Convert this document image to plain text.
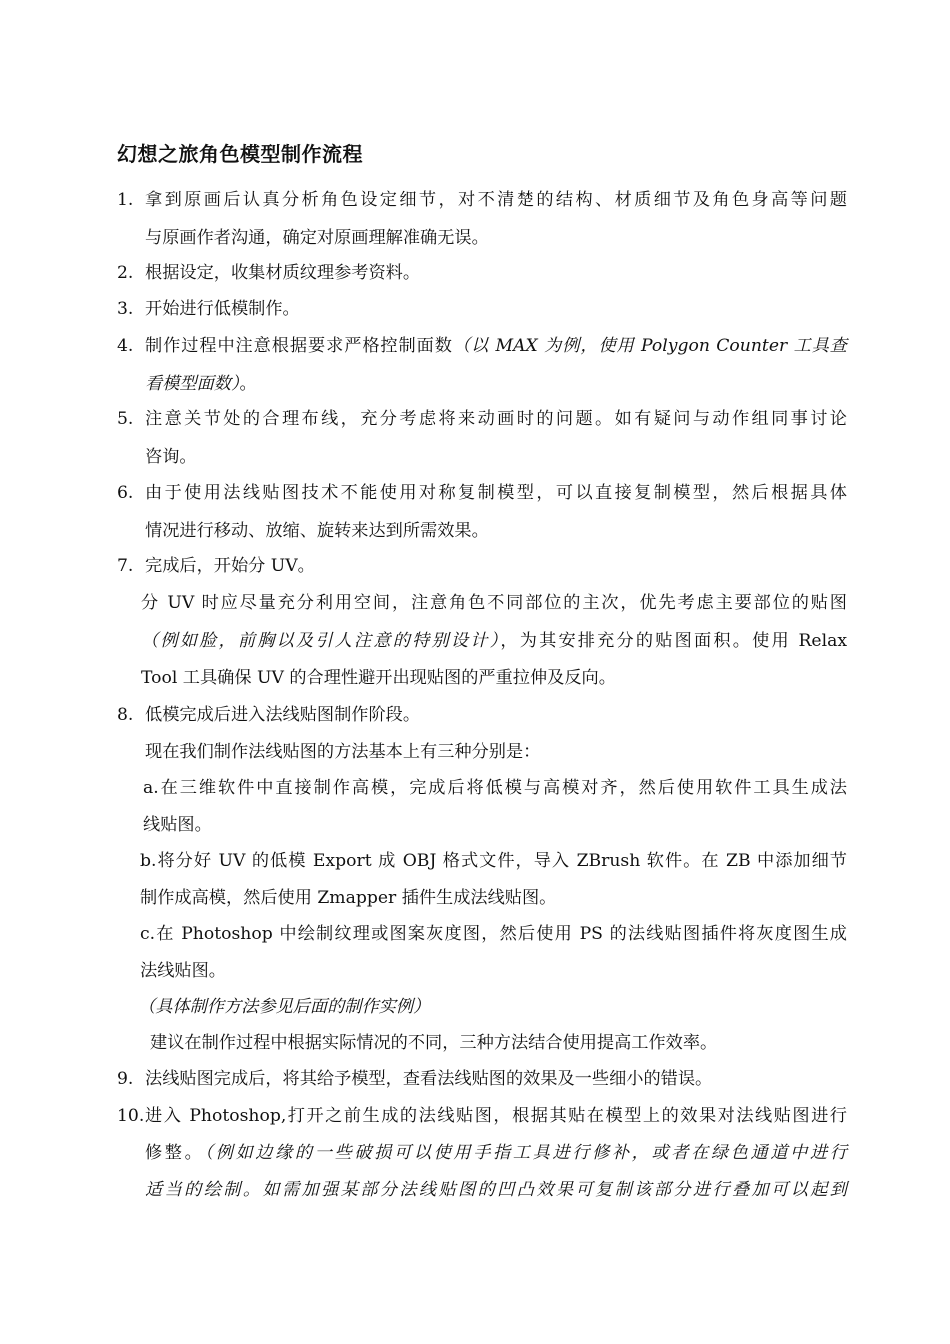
幻想之旅角色模型制作流程
1. 拿到原画后认真分析角色设定细节，对不清楚的结构、材质细节及角色身高等问题
与原画作者沟通，确定对原画理解准确无误。
2. 根据设定，收集材质纹理参考资料。
3. 开始进行低模制作。
4. 制作过程中注意根据要求严格控制面数（以 MAX 为例，使用 Polygon Counter 工具查
看模型面数）。
5. 注意关节处的合理布线，充分考虑将来动画时的问题。如有疑问与动作组同事讨论
咨询。
6. 由于使用法线贴图技术不能使用对称复制模型，可以直接复制模型，然后根据具体
情况进行移动、放缩、旋转来达到所需效果。
7. 完成后，开始分 UV。
分 UV 时应尽量充分利用空间，注意角色不同部位的主次，优先考虑主要部位的贴图
（例如脸，前胸以及引人注意的特别设计），为其安排充分的贴图面积。使用 Relax
Tool 工具确保 UV 的合理性避开出现贴图的严重拉伸及反向。
8. 低模完成后进入法线贴图制作阶段。
现在我们制作法线贴图的方法基本上有三种分别是：
a.在三维软件中直接制作高模，完成后将低模与高模对齐，然后使用软件工具生成法
线贴图。
b.将分好 UV 的低模 Export 成 OBJ 格式文件，导入 ZBrush 软件。在 ZB 中添加细节
制作成高模，然后使用 Zmapper 插件生成法线贴图。
c.在 Photoshop 中绘制纹理或图案灰度图，然后使用 PS 的法线贴图插件将灰度图生成
法线贴图。
（具体制作方法参见后面的制作实例）
建议在制作过程中根据实际情况的不同，三种方法结合使用提高工作效率。
9. 法线贴图完成后，将其给予模型，查看法线贴图的效果及一些细小的错误。
10. 进入 Photoshop,打开之前生成的法线贴图，根据其贴在模型上的效果对法线贴图进行
修整。（例如边缘的一些破损可以使用手指工具进行修补，或者在绿色通道中进行
适当的绘制。如需加强某部分法线贴图的凹凸效果可复制该部分进行叠加可以起到
